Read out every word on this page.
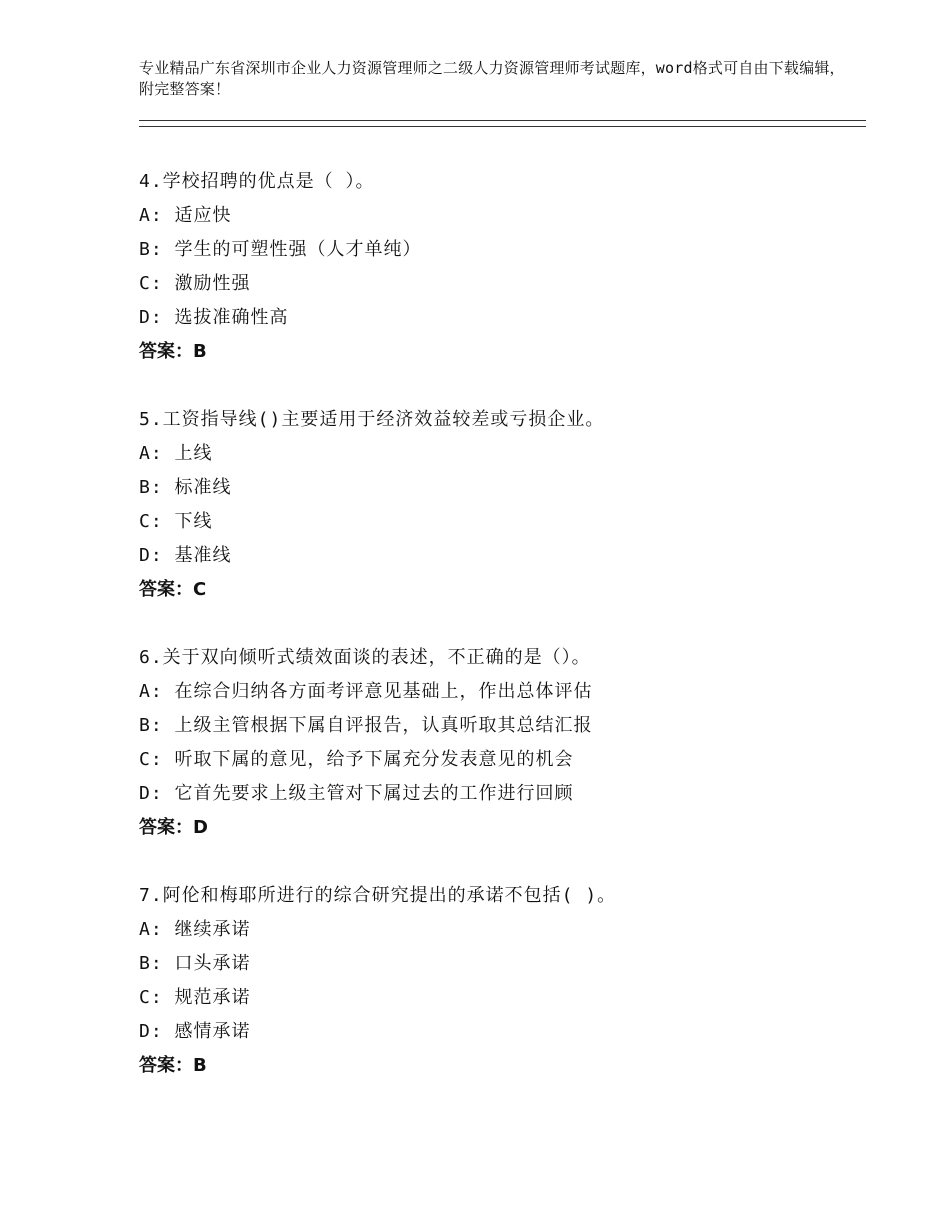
专业精品广东省深圳市企业人力资源管理师之二级人力资源管理师考试题库，word格式可自由下载编辑，附完整答案！
4.学校招聘的优点是（ ）。
A: 适应快
B: 学生的可塑性强（人才单纯）
C: 激励性强
D: 选拔准确性高
答案：B
5.工资指导线()主要适用于经济效益较差或亏损企业。
A: 上线
B: 标准线
C: 下线
D: 基准线
答案：C
6.关于双向倾听式绩效面谈的表述，不正确的是（）。
A: 在综合归纳各方面考评意见基础上，作出总体评估
B: 上级主管根据下属自评报告，认真听取其总结汇报
C: 听取下属的意见，给予下属充分发表意见的机会
D: 它首先要求上级主管对下属过去的工作进行回顾
答案：D
7.阿伦和梅耶所进行的综合研究提出的承诺不包括( )。
A: 继续承诺
B: 口头承诺
C: 规范承诺
D: 感情承诺
答案：B
